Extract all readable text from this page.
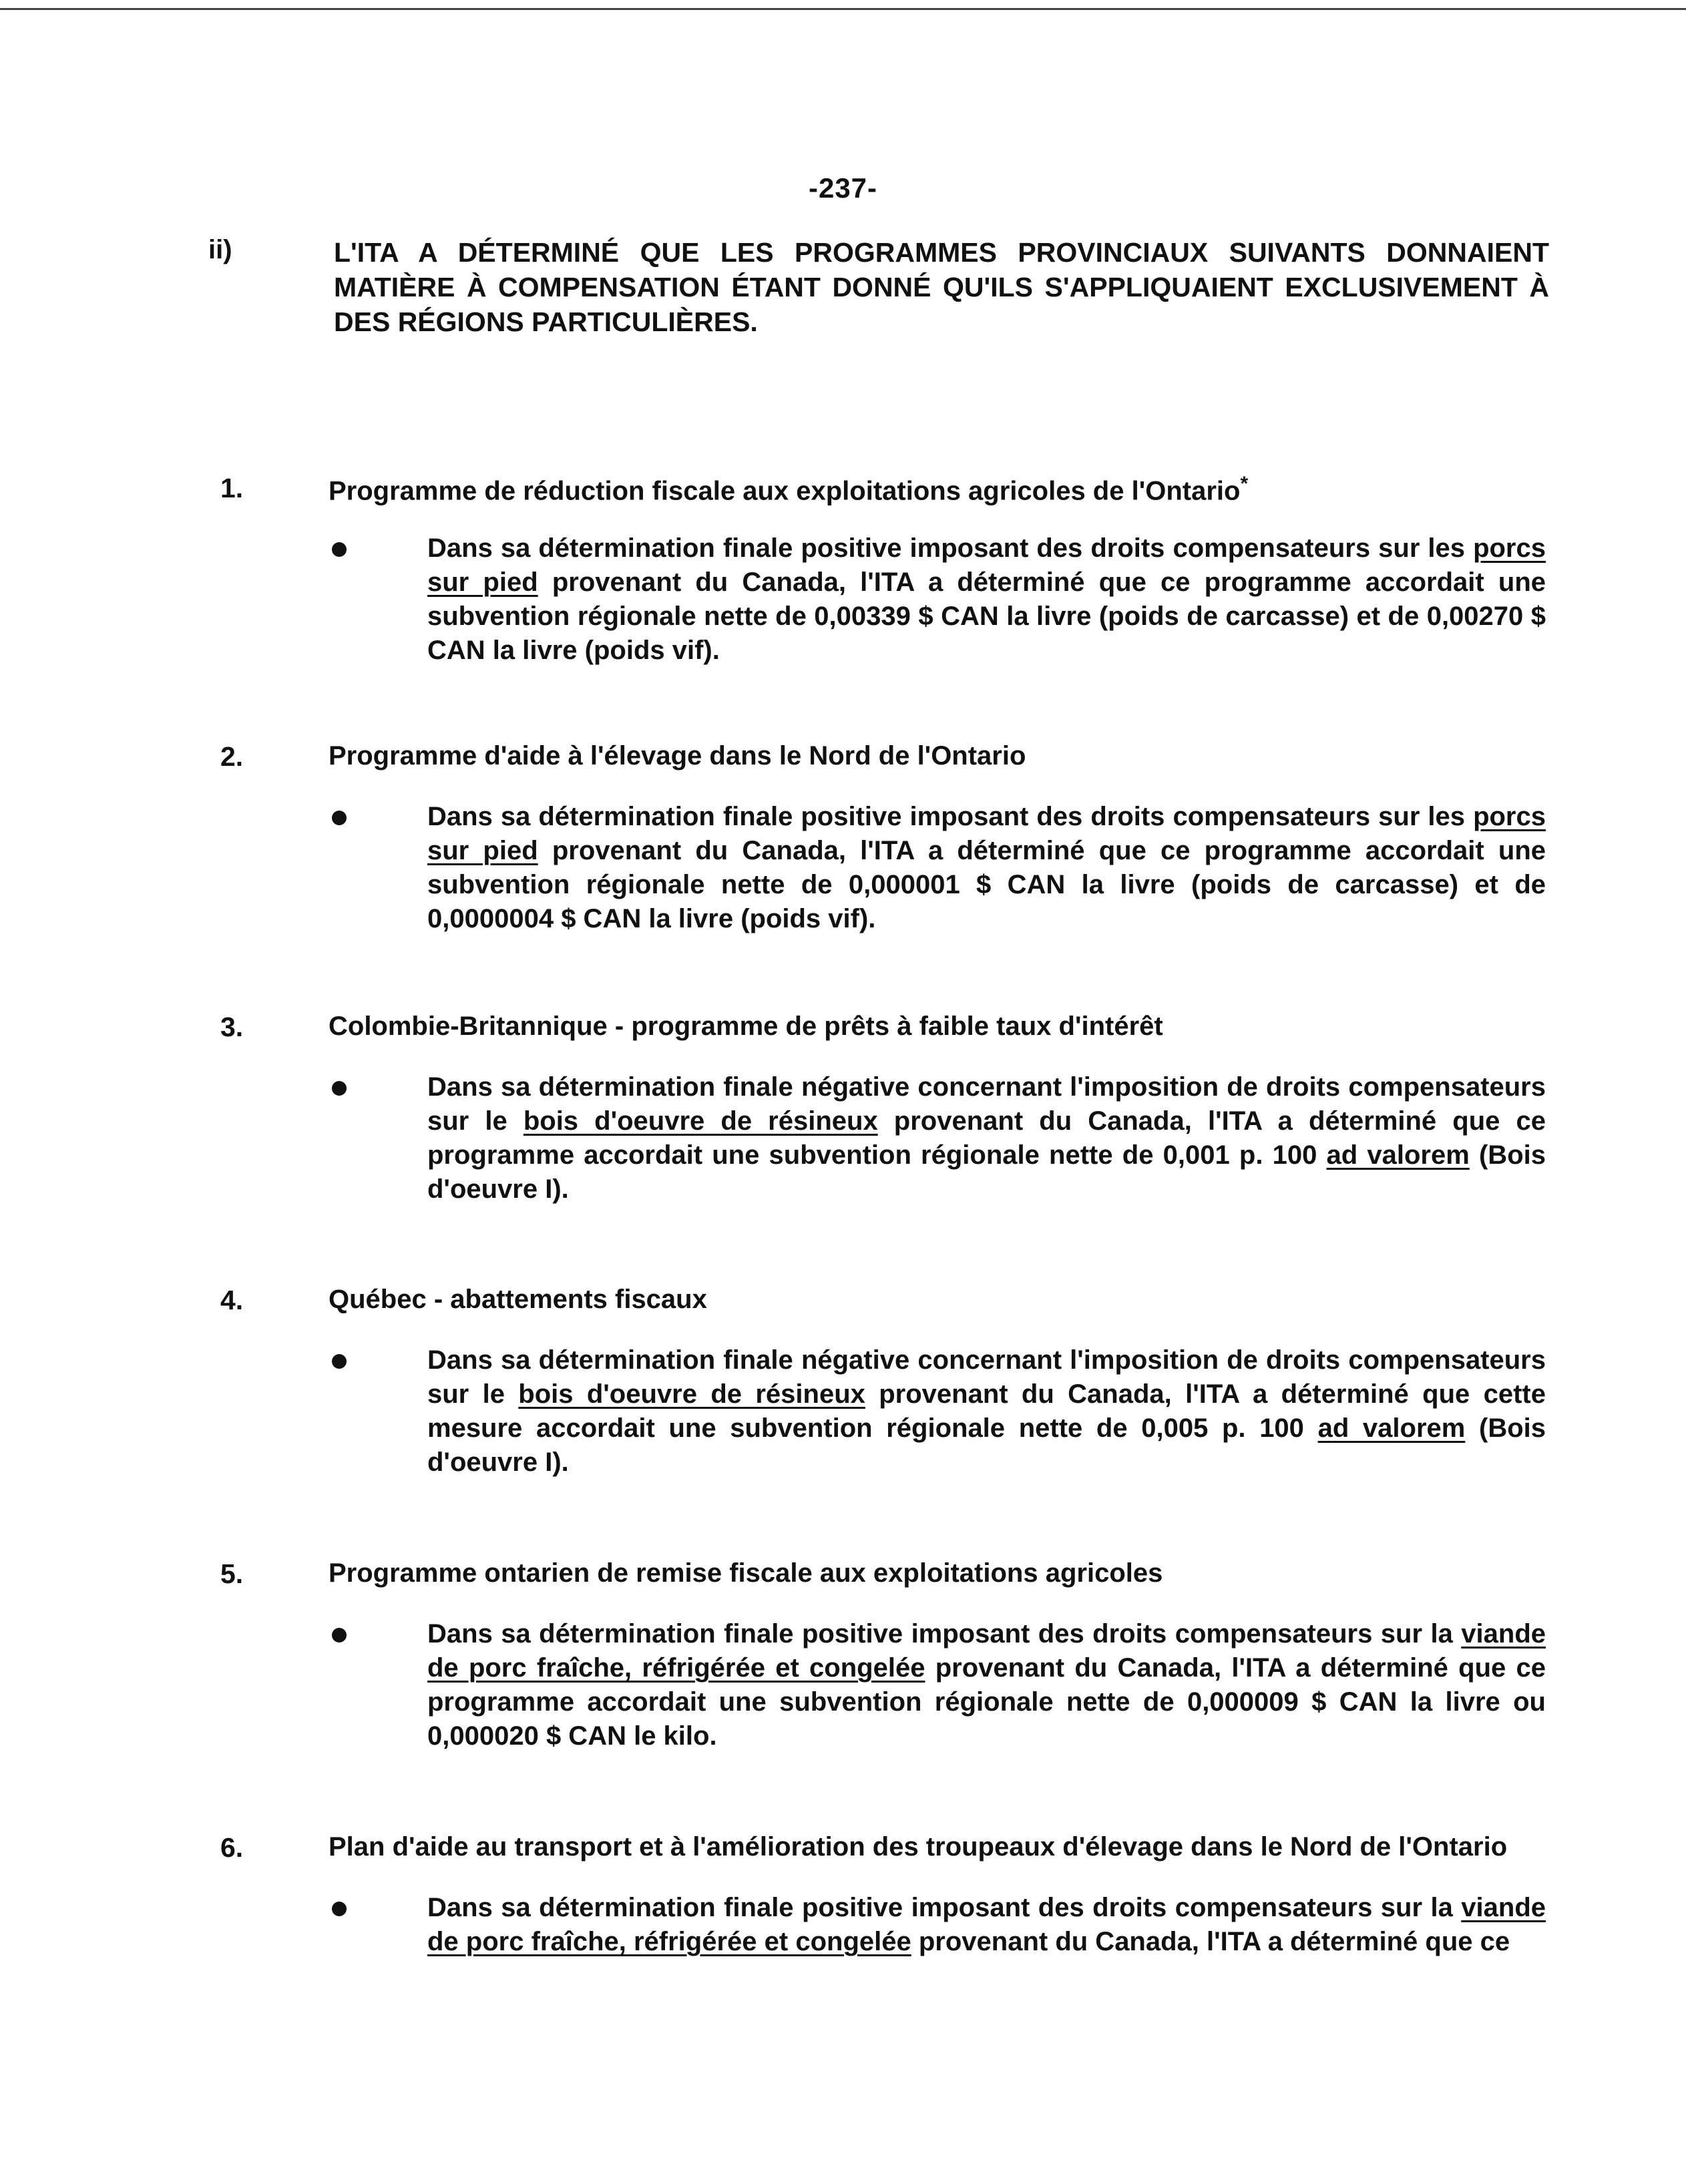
-237-
ii)	L'ITA A DÉTERMINÉ QUE LES PROGRAMMES PROVINCIAUX SUIVANTS DONNAIENT MATIÈRE À COMPENSATION ÉTANT DONNÉ QU'ILS S'APPLIQUAIENT EXCLUSIVEMENT À DES RÉGIONS PARTICULIÈRES.
1.	Programme de réduction fiscale aux exploitations agricoles de l'Ontario*
Dans sa détermination finale positive imposant des droits compensateurs sur les porcs sur pied provenant du Canada, l'ITA a déterminé que ce programme accordait une subvention régionale nette de 0,00339 $ CAN la livre (poids de carcasse) et de 0,00270 $ CAN la livre (poids vif).
2.	Programme d'aide à l'élevage dans le Nord de l'Ontario
Dans sa détermination finale positive imposant des droits compensateurs sur les porcs sur pied provenant du Canada, l'ITA a déterminé que ce programme accordait une subvention régionale nette de 0,000001 $ CAN la livre (poids de carcasse) et de 0,0000004 $ CAN la livre (poids vif).
3.	Colombie-Britannique - programme de prêts à faible taux d'intérêt
Dans sa détermination finale négative concernant l'imposition de droits compensateurs sur le bois d'oeuvre de résineux provenant du Canada, l'ITA a déterminé que ce programme accordait une subvention régionale nette de 0,001 p. 100 ad valorem (Bois d'oeuvre I).
4.	Québec - abattements fiscaux
Dans sa détermination finale négative concernant l'imposition de droits compensateurs sur le bois d'oeuvre de résineux provenant du Canada, l'ITA a déterminé que cette mesure accordait une subvention régionale nette de 0,005 p. 100 ad valorem (Bois d'oeuvre I).
5.	Programme ontarien de remise fiscale aux exploitations agricoles
Dans sa détermination finale positive imposant des droits compensateurs sur la viande de porc fraîche, réfrigérée et congelée provenant du Canada, l'ITA a déterminé que ce programme accordait une subvention régionale nette de 0,000009 $ CAN la livre ou 0,000020 $ CAN le kilo.
6.	Plan d'aide au transport et à l'amélioration des troupeaux d'élevage dans le Nord de l'Ontario
Dans sa détermination finale positive imposant des droits compensateurs sur la viande de porc fraîche, réfrigérée et congelée provenant du Canada, l'ITA a déterminé que ce
